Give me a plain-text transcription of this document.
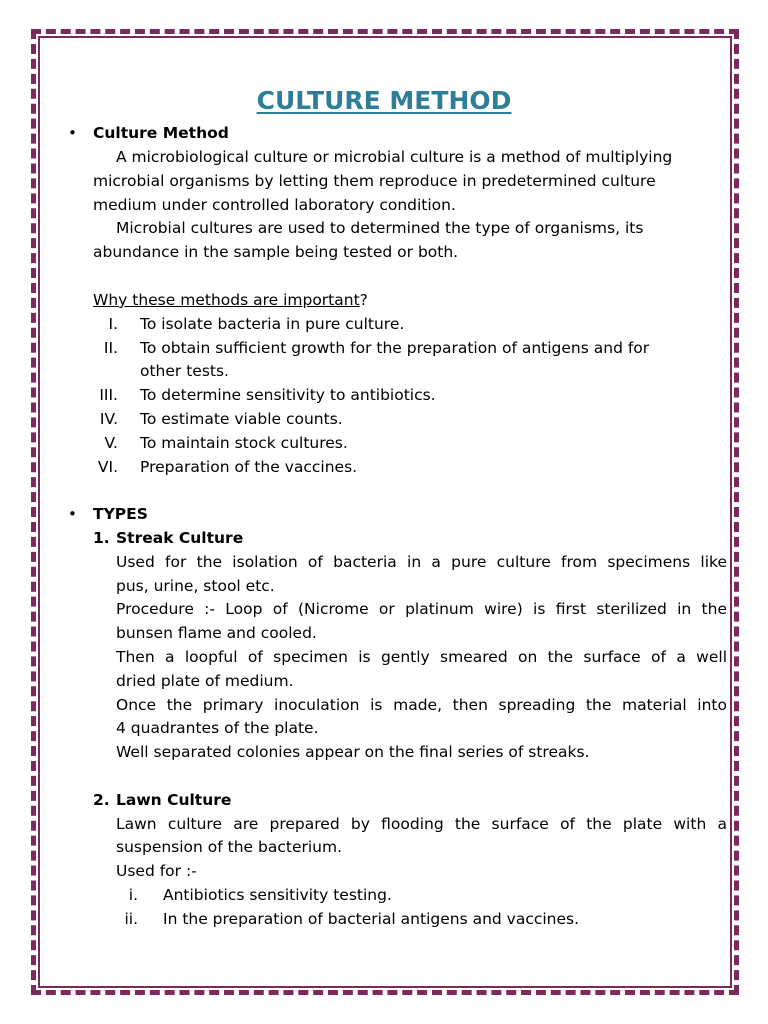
CULTURE METHOD
• Culture Method
A microbiological culture or microbial culture is a method of multiplying
microbial organisms by letting them reproduce in predetermined culture
medium under controlled laboratory condition.
Microbial cultures are used to determined the type of organisms, its
abundance in the sample being tested or both.
Why these methods are important?
I. To isolate bacteria in pure culture.
II. To obtain sufficient growth for the preparation of antigens and for
other tests.
III. To determine sensitivity to antibiotics.
IV. To estimate viable counts.
V. To maintain stock cultures.
VI. Preparation of the vaccines.
• TYPES
1. Streak Culture
Used for the isolation of bacteria in a pure culture from specimens like
pus, urine, stool etc.
Procedure :- Loop of (Nicrome or platinum wire) is first sterilized in the
bunsen flame and cooled.
Then a loopful of specimen is gently smeared on the surface of a well
dried plate of medium.
Once the primary inoculation is made, then spreading the material into
4 quadrantes of the plate.
Well separated colonies appear on the final series of streaks.
2. Lawn Culture
Lawn culture are prepared by flooding the surface of the plate with a
suspension of the bacterium.
Used for :-
i. Antibiotics sensitivity testing.
ii. In the preparation of bacterial antigens and vaccines.
